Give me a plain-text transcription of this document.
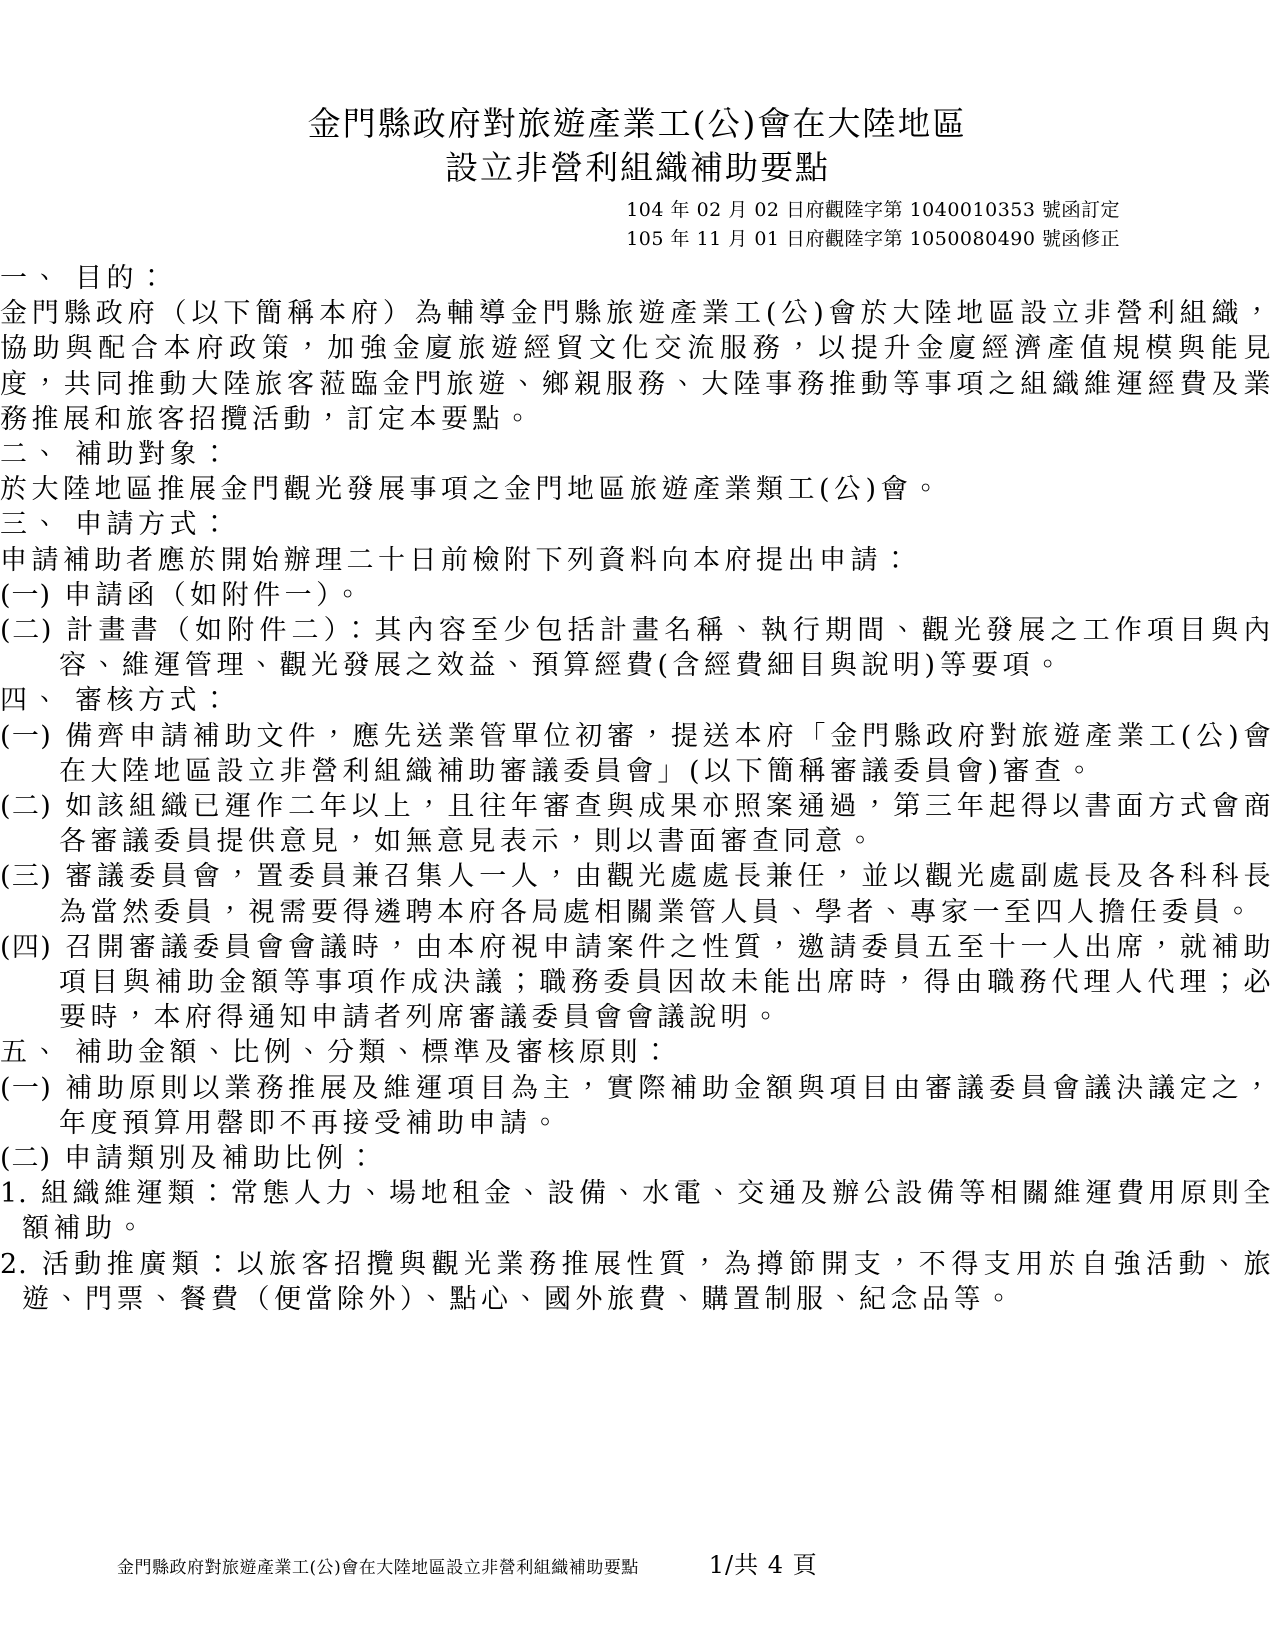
金門縣政府對旅遊產業工(公)會在大陸地區
設立非營利組織補助要點
104 年 02 月 02 日府觀陸字第 1040010353 號函訂定
105 年 11 月 01 日府觀陸字第 1050080490 號函修正
一、 目的：

金門縣政府（以下簡稱本府）為輔導金門縣旅遊產業工(公)會於大陸地區設立非營利組織，協助與配合本府政策，加強金廈旅遊經貿文化交流服務，以提升金廈經濟產值規模與能見度，共同推動大陸旅客蒞臨金門旅遊、鄉親服務、大陸事務推動等事項之組織維運經費及業務推展和旅客招攬活動，訂定本要點。

二、 補助對象：

於大陸地區推展金門觀光發展事項之金門地區旅遊產業類工(公)會。

三、 申請方式：

申請補助者應於開始辦理二十日前檢附下列資料向本府提出申請：

(一) 申請函（如附件一）。

(二) 計畫書（如附件二）：其內容至少包括計畫名稱、執行期間、觀光發展之工作項目與內容、維運管理、觀光發展之效益、預算經費(含經費細目與說明)等要項。

四、 審核方式：

(一) 備齊申請補助文件，應先送業管單位初審，提送本府「金門縣政府對旅遊產業工(公)會在大陸地區設立非營利組織補助審議委員會」(以下簡稱審議委員會)審查。

(二) 如該組織已運作二年以上，且往年審查與成果亦照案通過，第三年起得以書面方式會商各審議委員提供意見，如無意見表示，則以書面審查同意。

(三) 審議委員會，置委員兼召集人一人，由觀光處處長兼任，並以觀光處副處長及各科科長為當然委員，視需要得遴聘本府各局處相關業管人員、學者、專家一至四人擔任委員。

(四) 召開審議委員會會議時，由本府視申請案件之性質，邀請委員五至十一人出席，就補助項目與補助金額等事項作成決議；職務委員因故未能出席時，得由職務代理人代理；必要時，本府得通知申請者列席審議委員會會議說明。

五、 補助金額、比例、分類、標準及審核原則：

(一) 補助原則以業務推展及維運項目為主，實際補助金額與項目由審議委員會議決議定之，年度預算用罄即不再接受補助申請。

(二) 申請類別及補助比例：

1. 組織維運類：常態人力、場地租金、設備、水電、交通及辦公設備等相關維運費用原則全額補助。

2. 活動推廣類：以旅客招攬與觀光業務推展性質，為撙節開支，不得支用於自強活動、旅遊、門票、餐費（便當除外）、點心、國外旅費、購置制服、紀念品等。

金門縣政府對旅遊產業工(公)會在大陸地區設立非營利組織補助要點	1/共 4 頁
